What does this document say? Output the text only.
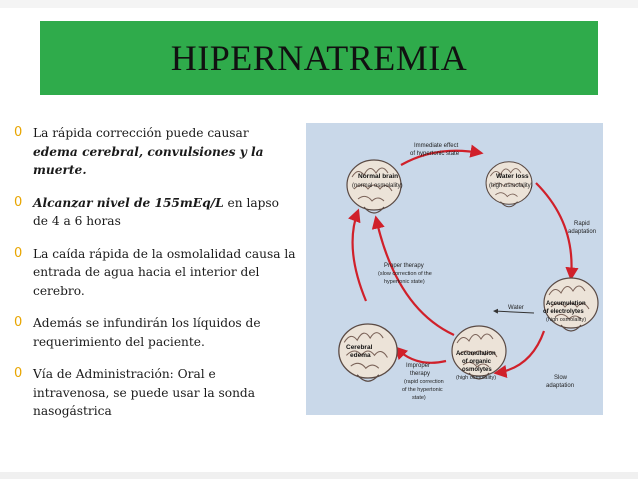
HIPERNATREMIA
0 La rápida corrección puede causar edema cerebral, convulsiones y la muerte.
0 Alcanzar nivel de 155mEq/L en lapso de 4 a 6 horas
0 La caída rápida de la osmolalidad causa la entrada de agua hacia el interior del cerebro.
0 Además se infundirán los líquidos de requerimiento del paciente.
0 Vía de Administración: Oral e intravenosa, se puede usar la sonda nasogástrica
Normal brain
(normal osmolality)
Water loss
(high osmolality)
Immediate effect
of hypertonic state
Rapid
adaptation
Accumulation
of electrolytes
(high osmolality)
Water
Proper therapy
(slow correction of the
hypertonic state)
Accumulation
of organic
osmolytes
(high osmolality)	Slow
adaptation
Improper
therapy
(rapid correction
of the hypertonic
state)
Cerebral
edema
